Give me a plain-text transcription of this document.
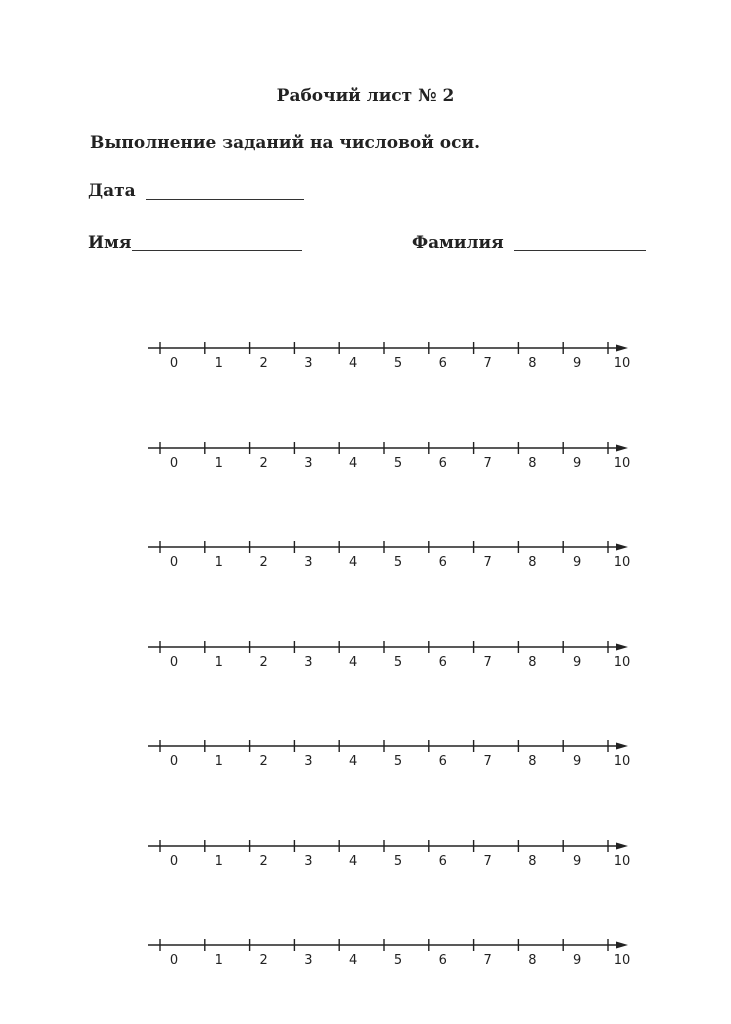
Рабочий лист № 2
Выполнение заданий на числовой оси.
Дата
Имя	Фамилия
0	1	2	3	4	5	6	7	8	9 10
0	1	2	3	4	5	6	7	8	9 10
0	1	2	3	4	5	6	7	8	9 10
0	1	2	3	4	5	6	7	8	9 10
0	1	2	3	4	5	6	7	8	9 10
0	1	2	3	4	5	6	7	8	9 10
0	1	2	3	4	5	6	7	8	9 10
